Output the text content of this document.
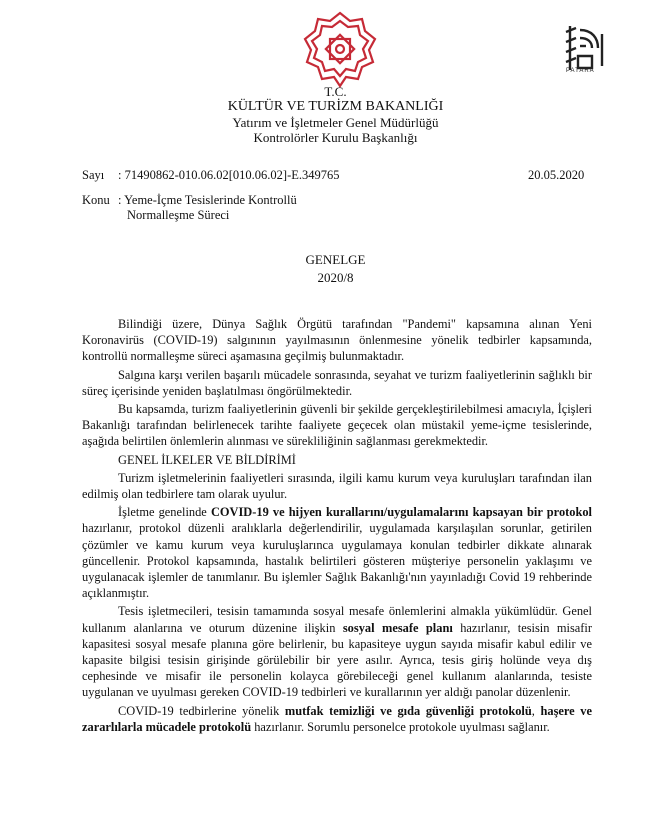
PATARA
T.C.
KÜLTÜR VE TURİZM BAKANLIĞI
Yatırım ve İşletmeler Genel Müdürlüğü
Kontrolörler Kurulu Başkanlığı
Sayı : 71490862-010.06.02[010.06.02]-E.349765	20.05.2020
Konu : Yeme-İçme Tesislerinde Kontrollü
Normalleşme Süreci
GENELGE
2020/8

Bilindiği üzere, Dünya Sağlık Örgütü tarafından "Pandemi" kapsamına alınan Yeni Koronavirüs (COVID-19) salgınının yayılmasının önlenmesine yönelik tedbirler kapsamında, kontrollü normalleşme süreci aşamasına geçilmiş bulunmaktadır.

Salgına karşı verilen başarılı mücadele sonrasında, seyahat ve turizm faaliyetlerinin sağlıklı bir süreç içerisinde yeniden başlatılması öngörülmektedir.

Bu kapsamda, turizm faaliyetlerinin güvenli bir şekilde gerçekleştirilebilmesi amacıyla, İçişleri Bakanlığı tarafından belirlenecek tarihte faaliyete geçecek olan müstakil yeme-içme tesislerinde, aşağıda belirtilen önlemlerin alınması ve sürekliliğinin sağlanması gerekmektedir.

GENEL İLKELER VE BİLDİRİMİ

Turizm işletmelerinin faaliyetleri sırasında, ilgili kamu kurum veya kuruluşları tarafından ilan edilmiş olan tedbirlere tam olarak uyulur.

İşletme genelinde COVID-19 ve hijyen kurallarını/uygulamalarını kapsayan bir protokol hazırlanır, protokol düzenli aralıklarla değerlendirilir, uygulamada karşılaşılan sorunlar, getirilen çözümler ve kamu kurum veya kuruluşlarınca uygulamaya konulan tedbirler dikkate alınarak güncellenir. Protokol kapsamında, hastalık belirtileri gösteren müşteriye personelin yaklaşımı ve uygulanacak işlemler de tanımlanır. Bu işlemler Sağlık Bakanlığı'nın yayınladığı Covid 19 rehberinde açıklanmıştır.

Tesis işletmecileri, tesisin tamamında sosyal mesafe önlemlerini almakla yükümlüdür. Genel kullanım alanlarına ve oturum düzenine ilişkin sosyal mesafe planı hazırlanır, tesisin misafir kapasitesi sosyal mesafe planına göre belirlenir, bu kapasiteye uygun sayıda misafir kabul edilir ve kapasite bilgisi tesisin girişinde görülebilir bir yere asılır. Ayrıca, tesis giriş holünde veya dış cephesinde ve misafir ile personelin kolayca görebileceği genel kullanım alanlarında, tesiste uygulanan ve uyulması gereken COVID-19 tedbirleri ve kurallarının yer aldığı panolar düzenlenir.

COVID-19 tedbirlerine yönelik mutfak temizliği ve gıda güvenliği protokolü, haşere ve zararlılarla mücadele protokolü hazırlanır. Sorumlu personelce protokole uyulması sağlanır.
